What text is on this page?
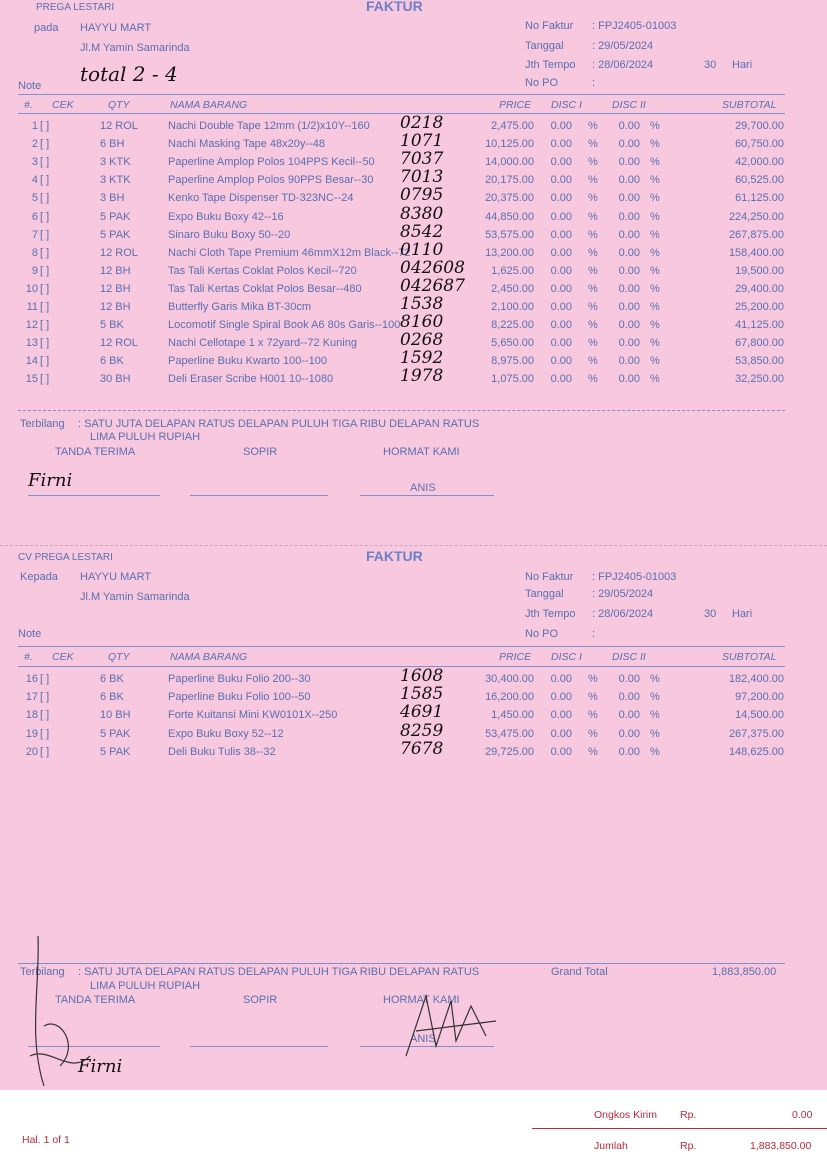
PREGA LESTARI	FAKTUR
pada HAYYU MART
Jl.M Yamin Samarinda
Note total 2 - 4
No Faktur : FPJ2405-01003
Tanggal	: 29/05/2024
Jth Tempo : 28/06/2024	30 Hari
No PO	:
#. CEK	QTY	NAMA BARANG	PRICE DISC I	DISC II	SUBTOTAL
1 [ ]	12 ROL	Nachi Double Tape 12mm (1/2)x10Y--160	2,475.00 0.00 %	0.00 %	29,700.00
0218
2 [ ]	6 BH	Nachi Masking Tape 48x20y--48	10,125.00 0.00 %	0.00 %	60,750.00
1071
3 [ ]	3 KTK	Paperline Amplop Polos 104PPS Kecil--50	14,000.00 0.00 %	0.00 %	42,000.00
7037
4 [ ]	3 KTK	Paperline Amplop Polos 90PPS Besar--30	20,175.00 0.00 %	0.00 %	60,525.00
7013
5 [ ]	3 BH	Kenko Tape Dispenser TD-323NC--24	20,375.00 0.00 %	0.00 %	61,125.00
0795
6 [ ]	5 PAK	Expo Buku Boxy 42--16	44,850.00 0.00 %	0.00 %	224,250.00
8380
7 [ ]	5 PAK	Sinaro Buku Boxy 50--20	53,575.00 0.00 %	0.00 %	267,875.00
8542
8 [ ]	12 ROL	Nachi Cloth Tape Premium 46mmX12m Black--72	13,200.00 0.00 %	0.00 %	158,400.00
0110
9 [ ]	12 BH	Tas Tali Kertas Coklat Polos Kecil--720	1,625.00 0.00 %	0.00 %	19,500.00
042608
10 [ ]	12 BH	Tas Tali Kertas Coklat Polos Besar--480	2,450.00 0.00 %	0.00 %	29,400.00
042687
11 [ ]	12 BH	Butterfly Garis Mika BT-30cm	2,100.00 0.00 %	0.00 %	25,200.00
1538
12 [ ]	5 BK	Locomotif Single Spiral Book A6 80s Garis--100	8,225.00 0.00 %	0.00 %	41,125.00
8160
13 [ ]	12 ROL	Nachi Cellotape 1 x 72yard--72 Kuning	5,650.00 0.00 %	0.00 %	67,800.00
0268
14 [ ]	6 BK	Paperline Buku Kwarto 100--100	8,975.00 0.00 %	0.00 %	53,850.00
1592
15 [ ]	30 BH	Deli Eraser Scribe H001 10--1080	1,075.00 0.00 %	0.00 %	32,250.00
1978
Terbilang : SATU JUTA DELAPAN RATUS DELAPAN PULUH TIGA RIBU DELAPAN RATUS
LIMA PULUH RUPIAH
TANDA TERIMA	SOPIR	HORMAT KAMI
Firni	ANIS
CV PREGA LESTARI	FAKTUR
Kepada HAYYU MART
Jl.M Yamin Samarinda
Note
No Faktur : FPJ2405-01003
Tanggal	: 29/05/2024
Jth Tempo : 28/06/2024	30 Hari
No PO	:
#. CEK	QTY	NAMA BARANG	PRICE DISC I	DISC II	SUBTOTAL
16 [ ]	6 BK	Paperline Buku Folio 200--30	30,400.00 0.00 %	0.00 %	182,400.00
1608
17 [ ]	6 BK	Paperline Buku Folio 100--50	16,200.00 0.00 %	0.00 %	97,200.00
1585
18 [ ]	10 BH	Forte Kuitansi Mini KW0101X--250	1,450.00 0.00 %	0.00 %	14,500.00
4691
19 [ ]	5 PAK	Expo Buku Boxy 52--12	53,475.00 0.00 %	0.00 %	267,375.00
8259
20 [ ]	5 PAK	Deli Buku Tulis 38--32	29,725.00 0.00 %	0.00 %	148,625.00
7678
Terbilang : SATU JUTA DELAPAN RATUS DELAPAN PULUH TIGA RIBU DELAPAN RATUS
LIMA PULUH RUPIAH
Grand Total	1,883,850.00
TANDA TERIMA	SOPIR	HORMAT KAMI
ANIS
Firni
Ongkos Kirim Rp.	0.00
Hal. 1 of 1	Jumlah	Rp.	1,883,850.00
